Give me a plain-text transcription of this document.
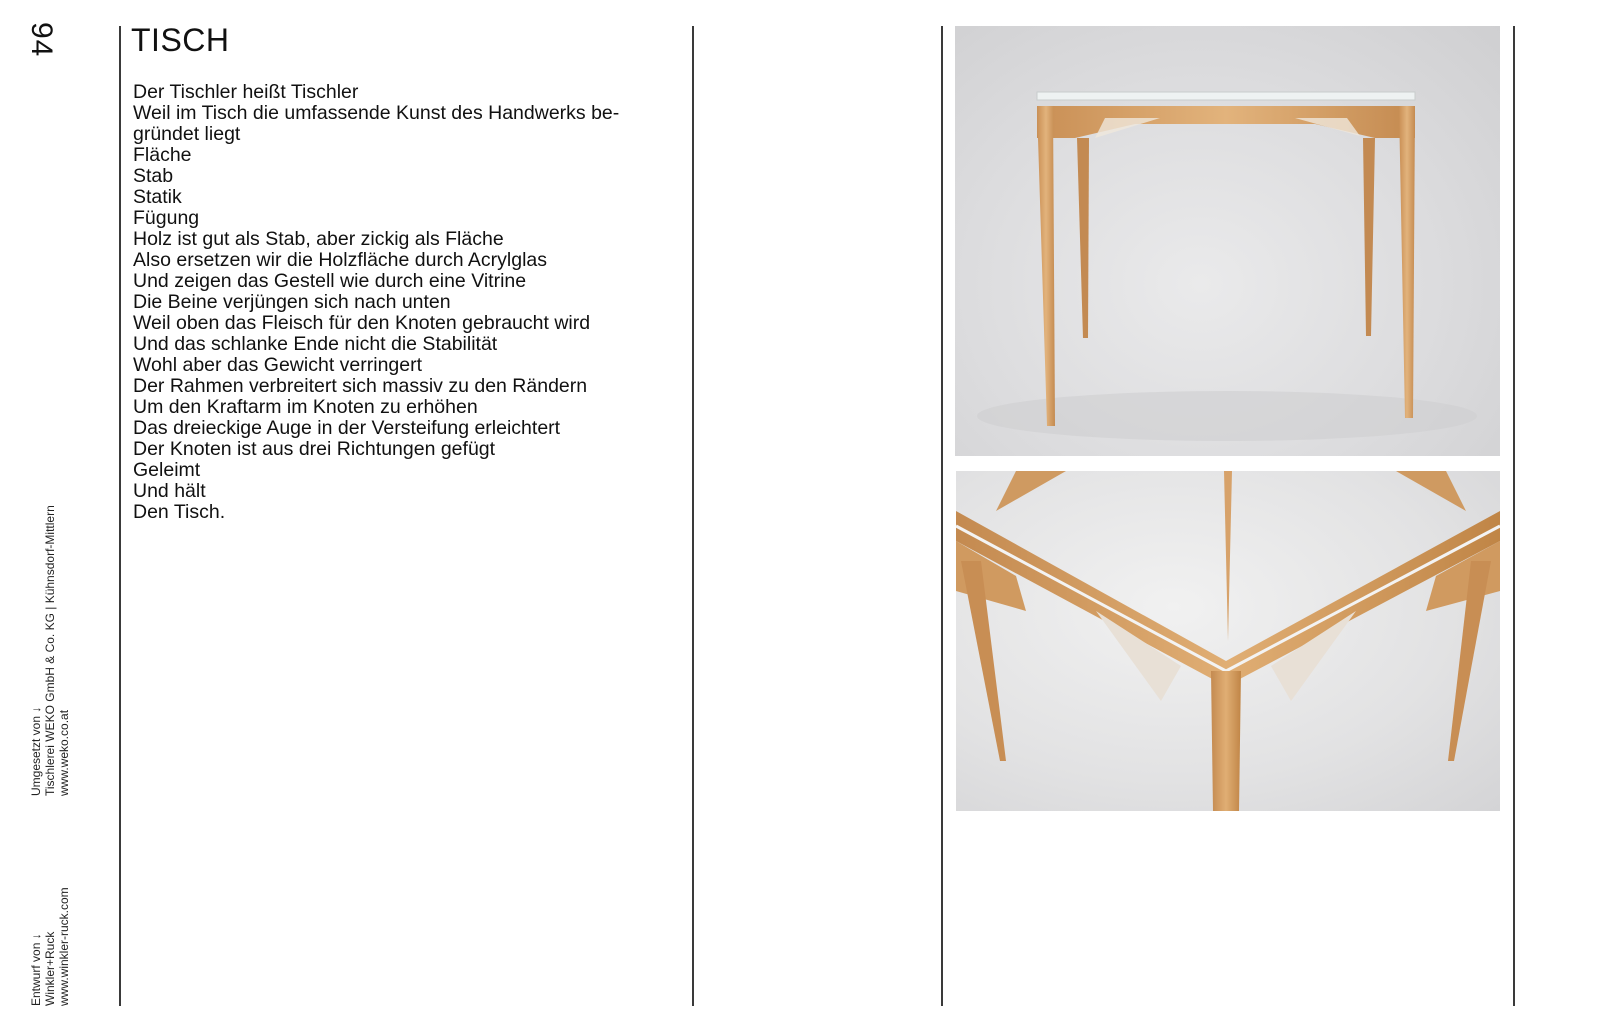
94
Umgesetzt von ↓ Tischlerei WEKO GmbH & Co. KG | Kühnsdorf-Mittlern www.weko.co.at
Entwurf von ↓ Winkler+Ruck www.winkler-ruck.com
TISCH
Der Tischler heißt Tischler
Weil im Tisch die umfassende Kunst des Handwerks be-
gründet liegt
Fläche
Stab
Statik
Fügung
Holz ist gut als Stab, aber zickig als Fläche
Also ersetzen wir die Holzfläche durch Acrylglas
Und zeigen das Gestell wie durch eine Vitrine
Die Beine verjüngen sich nach unten
Weil oben das Fleisch für den Knoten gebraucht wird
Und das schlanke Ende nicht die Stabilität
Wohl aber das Gewicht verringert
Der Rahmen verbreitert sich massiv zu den Rändern
Um den Kraftarm im Knoten zu erhöhen
Das dreieckige Auge in der Versteifung erleichtert
Der Knoten ist aus drei Richtungen gefügt
Geleimt
Und hält
Den Tisch.
